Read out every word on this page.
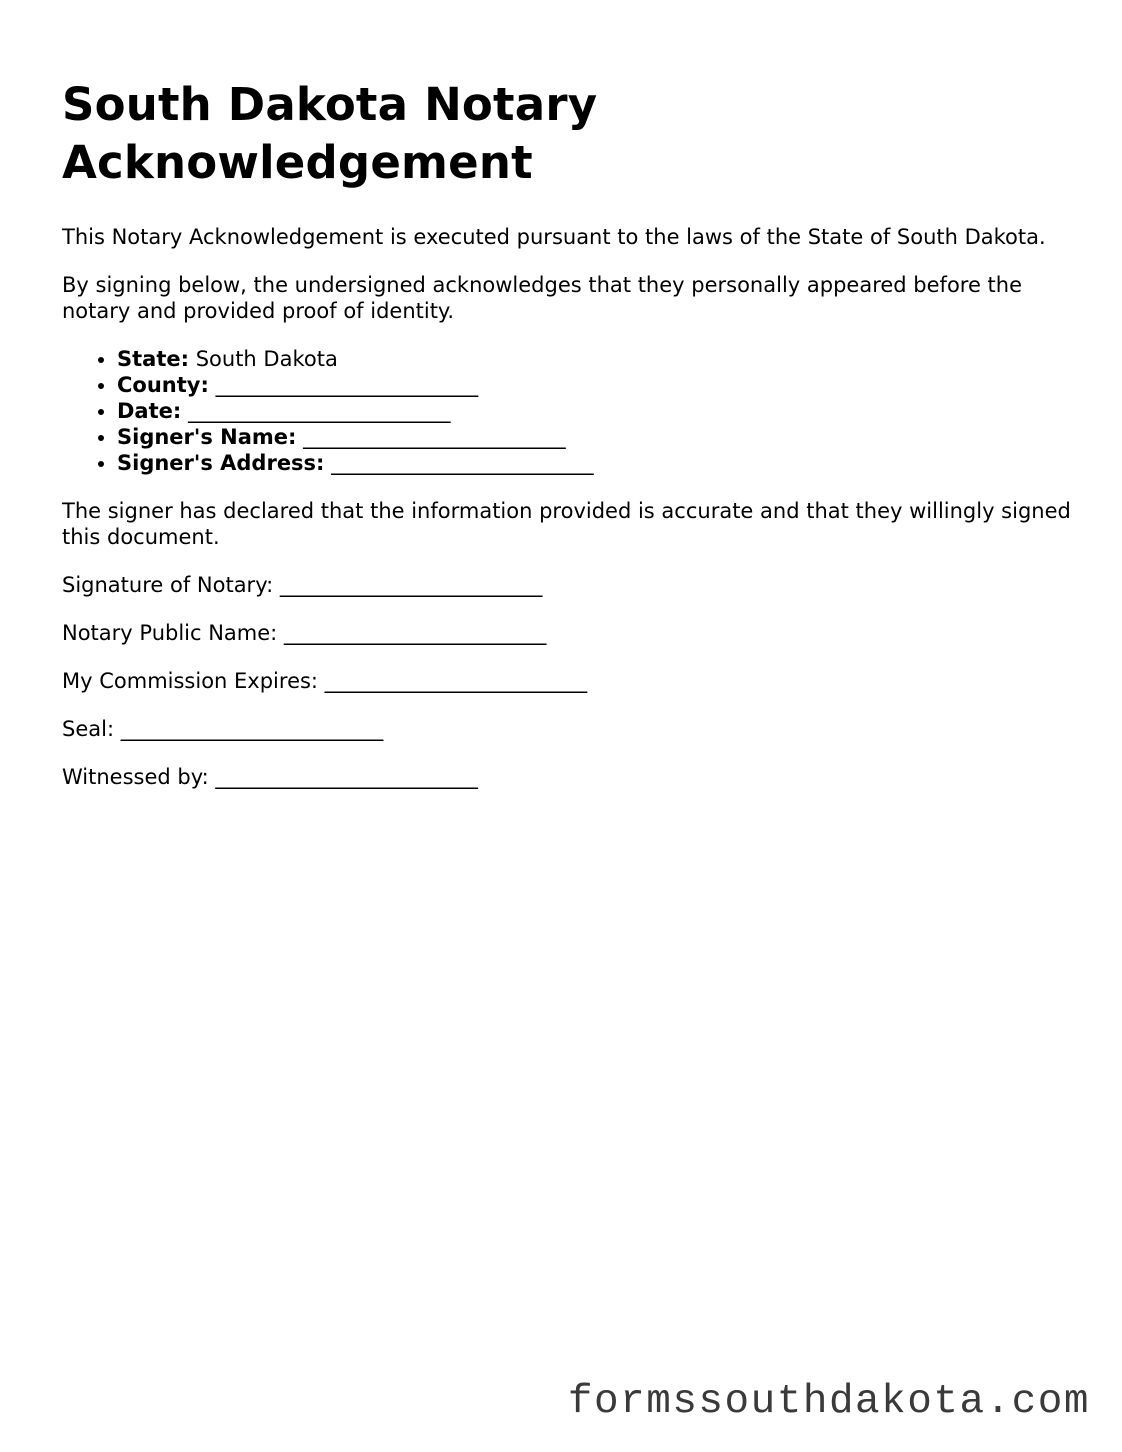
South Dakota Notary Acknowledgement

This Notary Acknowledgement is executed pursuant to the laws of the State of South Dakota.

By signing below, the undersigned acknowledges that they personally appeared before the notary and provided proof of identity.

• State: South Dakota
• County: _________________________
• Date: _________________________
• Signer's Name: _________________________
• Signer's Address: _________________________

The signer has declared that the information provided is accurate and that they willingly signed this document.

Signature of Notary: _________________________
Notary Public Name: _________________________
My Commission Expires: _________________________
Seal: _________________________
Witnessed by: _________________________
formssouthdakota.com
